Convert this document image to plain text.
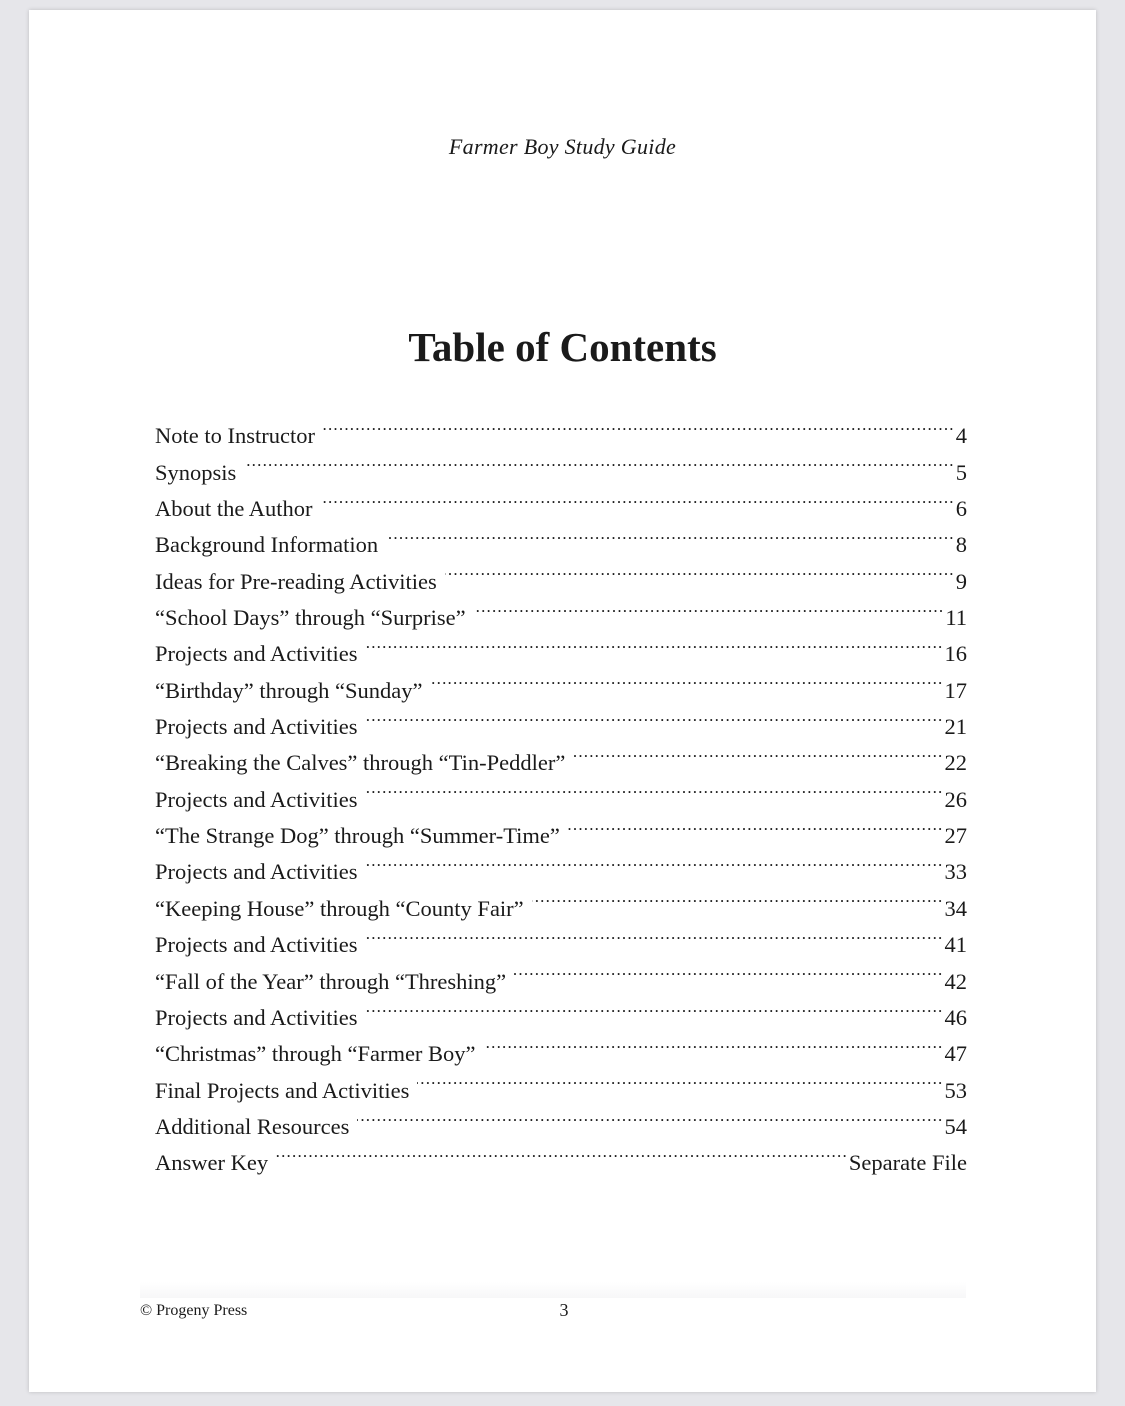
Farmer Boy Study Guide
Table of Contents
Note to Instructor .....	4
Synopsis .....	5
About the Author .....	6
Background Information .....	8
Ideas for Pre-reading Activities .....	9
“School Days” through “Surprise” .....	11
Projects and Activities .....	16
“Birthday” through “Sunday” .....	17
Projects and Activities .....	21
“Breaking the Calves” through “Tin-Peddler” .....	22
Projects and Activities .....	26
“The Strange Dog” through “Summer-Time” .....	27
Projects and Activities .....	33
“Keeping House” through “County Fair” .....	34
Projects and Activities .....	41
“Fall of the Year” through “Threshing” .....	42
Projects and Activities .....	46
“Christmas” through “Farmer Boy” .....	47
Final Projects and Activities .....	53
Additional Resources .....	54
Answer Key .....	Separate File
© Progeny Press	3
